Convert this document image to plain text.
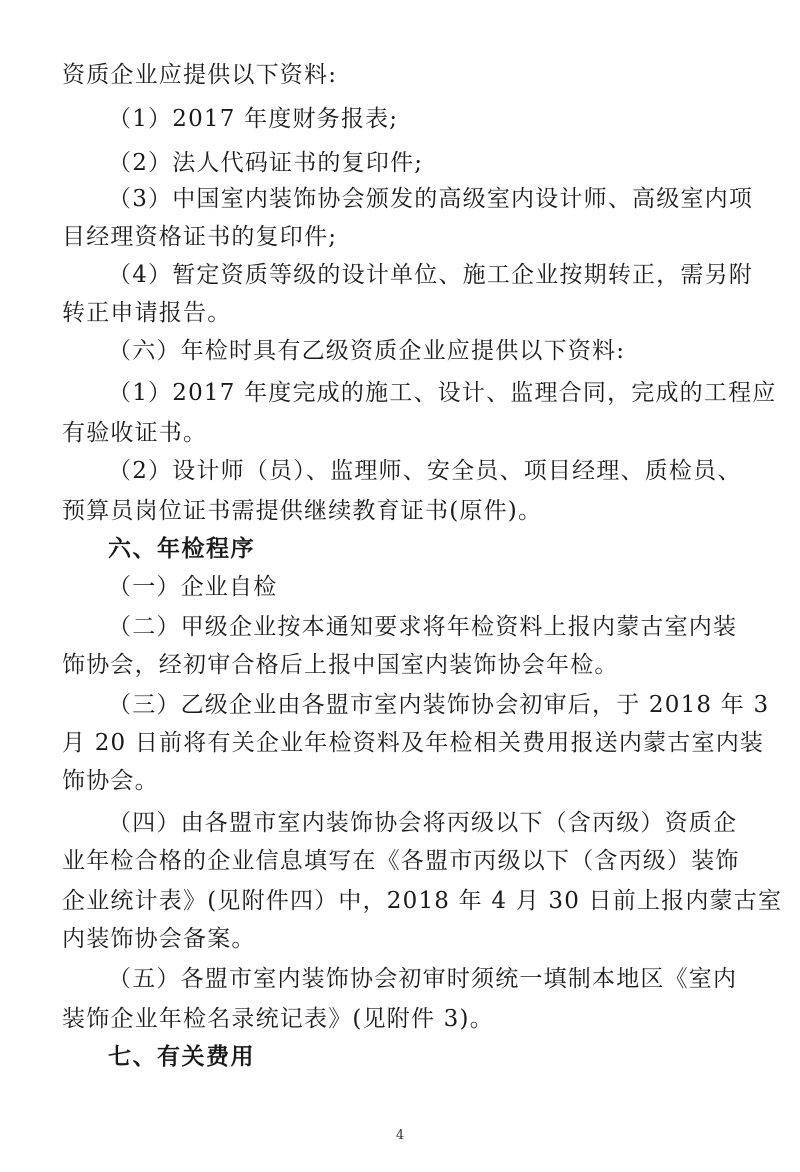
资质企业应提供以下资料:
（1）2017 年度财务报表;
（2）法人代码证书的复印件;
（3）中国室内装饰协会颁发的高级室内设计师、高级室内项
目经理资格证书的复印件;
（4）暂定资质等级的设计单位、施工企业按期转正，需另附
转正申请报告。
（六）年检时具有乙级资质企业应提供以下资料:
（1）2017 年度完成的施工、设计、监理合同，完成的工程应
有验收证书。
（2）设计师（员）、监理师、安全员、项目经理、质检员、
预算员岗位证书需提供继续教育证书(原件)。
六、年检程序
（一）企业自检
（二）甲级企业按本通知要求将年检资料上报内蒙古室内装
饰协会，经初审合格后上报中国室内装饰协会年检。
（三）乙级企业由各盟市室内装饰协会初审后，于 2018 年 3
月 20 日前将有关企业年检资料及年检相关费用报送内蒙古室内装
饰协会。
（四）由各盟市室内装饰协会将丙级以下（含丙级）资质企
业年检合格的企业信息填写在《各盟市丙级以下（含丙级）装饰
企业统计表》(见附件四）中，2018 年 4 月 30 日前上报内蒙古室
内装饰协会备案。
（五）各盟市室内装饰协会初审时须统一填制本地区《室内
装饰企业年检名录统记表》(见附件 3)。
七、有关费用
4
